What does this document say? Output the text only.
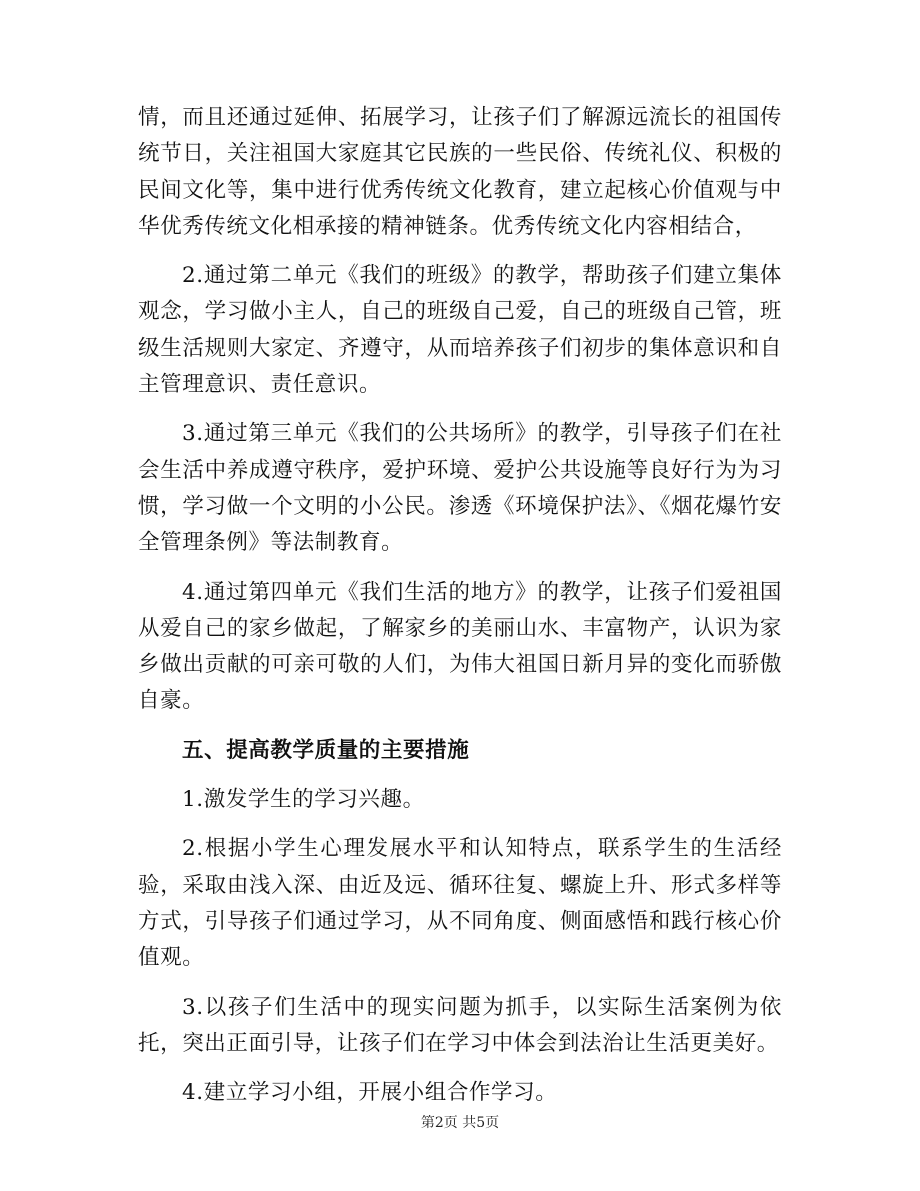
情，而且还通过延伸、拓展学习，让孩子们了解源远流长的祖国传统节日，关注祖国大家庭其它民族的一些民俗、传统礼仪、积极的民间文化等，集中进行优秀传统文化教育，建立起核心价值观与中华优秀传统文化相承接的精神链条。优秀传统文化内容相结合，

2.通过第二单元《我们的班级》的教学，帮助孩子们建立集体观念，学习做小主人，自己的班级自己爱，自己的班级自己管，班级生活规则大家定、齐遵守，从而培养孩子们初步的集体意识和自主管理意识、责任意识。

3.通过第三单元《我们的公共场所》的教学，引导孩子们在社会生活中养成遵守秩序，爱护环境、爱护公共设施等良好行为为习惯，学习做一个文明的小公民。渗透《环境保护法》、《烟花爆竹安全管理条例》等法制教育。

4.通过第四单元《我们生活的地方》的教学，让孩子们爱祖国从爱自己的家乡做起，了解家乡的美丽山水、丰富物产，认识为家乡做出贡献的可亲可敬的人们，为伟大祖国日新月异的变化而骄傲自豪。

五、提高教学质量的主要措施

1.激发学生的学习兴趣。

2.根据小学生心理发展水平和认知特点，联系学生的生活经验，采取由浅入深、由近及远、循环往复、螺旋上升、形式多样等方式，引导孩子们通过学习，从不同角度、侧面感悟和践行核心价值观。

3.以孩子们生活中的现实问题为抓手，以实际生活案例为依托，突出正面引导，让孩子们在学习中体会到法治让生活更美好。

4.建立学习小组，开展小组合作学习。

第2页 共5页
